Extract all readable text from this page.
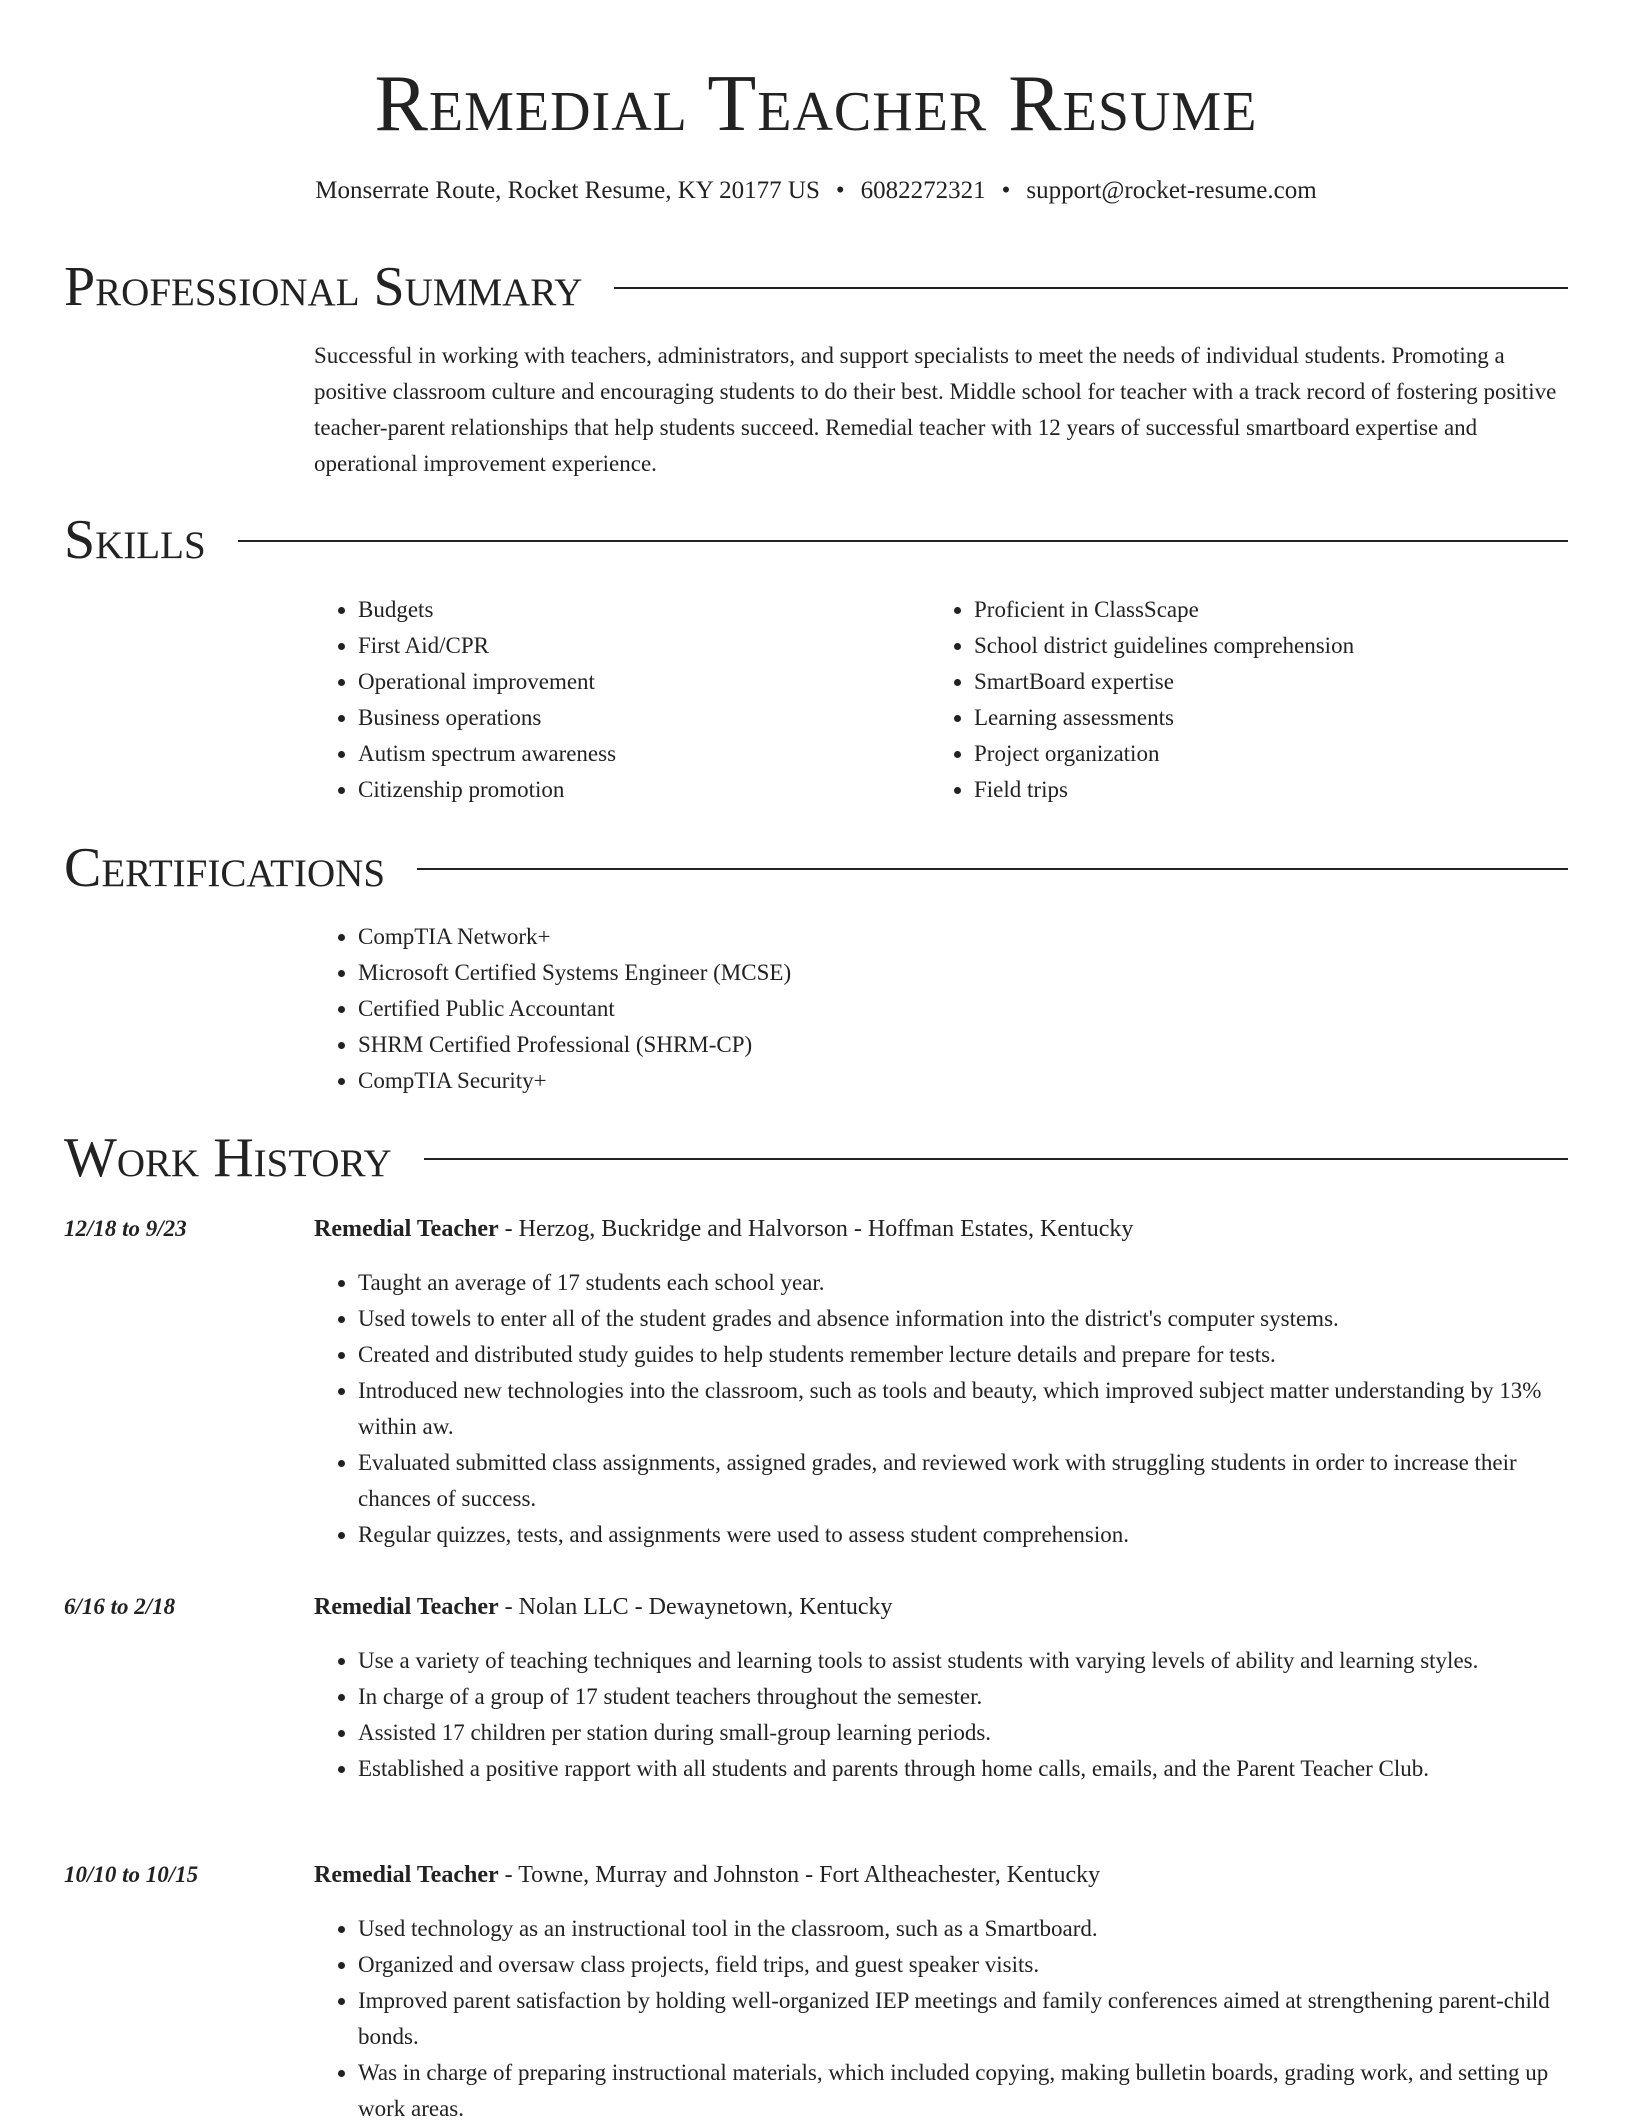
Remedial Teacher Resume
Monserrate Route, Rocket Resume, KY 20177 US • 6082272321 • support@rocket-resume.com
Professional Summary

Successful in working with teachers, administrators, and support specialists to meet the needs of individual students. Promoting a positive classroom culture and encouraging students to do their best. Middle school for teacher with a track record of fostering positive teacher-parent relationships that help students succeed. Remedial teacher with 12 years of successful smartboard expertise and operational improvement experience.

Skills
• Budgets
• First Aid/CPR
• Operational improvement
• Business operations
• Autism spectrum awareness
• Citizenship promotion
• Proficient in ClassScape
• School district guidelines comprehension
• SmartBoard expertise
• Learning assessments
• Project organization
• Field trips
Certifications
• CompTIA Network+
• Microsoft Certified Systems Engineer (MCSE)
• Certified Public Accountant
• SHRM Certified Professional (SHRM-CP)
• CompTIA Security+
Work History
12/18 to 9/23	Remedial Teacher - Herzog, Buckridge and Halvorson - Hoffman Estates, Kentucky
• Taught an average of 17 students each school year.
• Used towels to enter all of the student grades and absence information into the district's computer systems.
• Created and distributed study guides to help students remember lecture details and prepare for tests.
• Introduced new technologies into the classroom, such as tools and beauty, which improved subject matter understanding by 13% within aw.
• Evaluated submitted class assignments, assigned grades, and reviewed work with struggling students in order to increase their chances of success.
• Regular quizzes, tests, and assignments were used to assess student comprehension.
6/16 to 2/18	Remedial Teacher - Nolan LLC - Dewaynetown, Kentucky
• Use a variety of teaching techniques and learning tools to assist students with varying levels of ability and learning styles.
• In charge of a group of 17 student teachers throughout the semester.
• Assisted 17 children per station during small-group learning periods.
• Established a positive rapport with all students and parents through home calls, emails, and the Parent Teacher Club.
10/10 to 10/15	Remedial Teacher - Towne, Murray and Johnston - Fort Altheachester, Kentucky
• Used technology as an instructional tool in the classroom, such as a Smartboard.
• Organized and oversaw class projects, field trips, and guest speaker visits.
• Improved parent satisfaction by holding well-organized IEP meetings and family conferences aimed at strengthening parent-child bonds.
• Was in charge of preparing instructional materials, which included copying, making bulletin boards, grading work, and setting up work areas.
